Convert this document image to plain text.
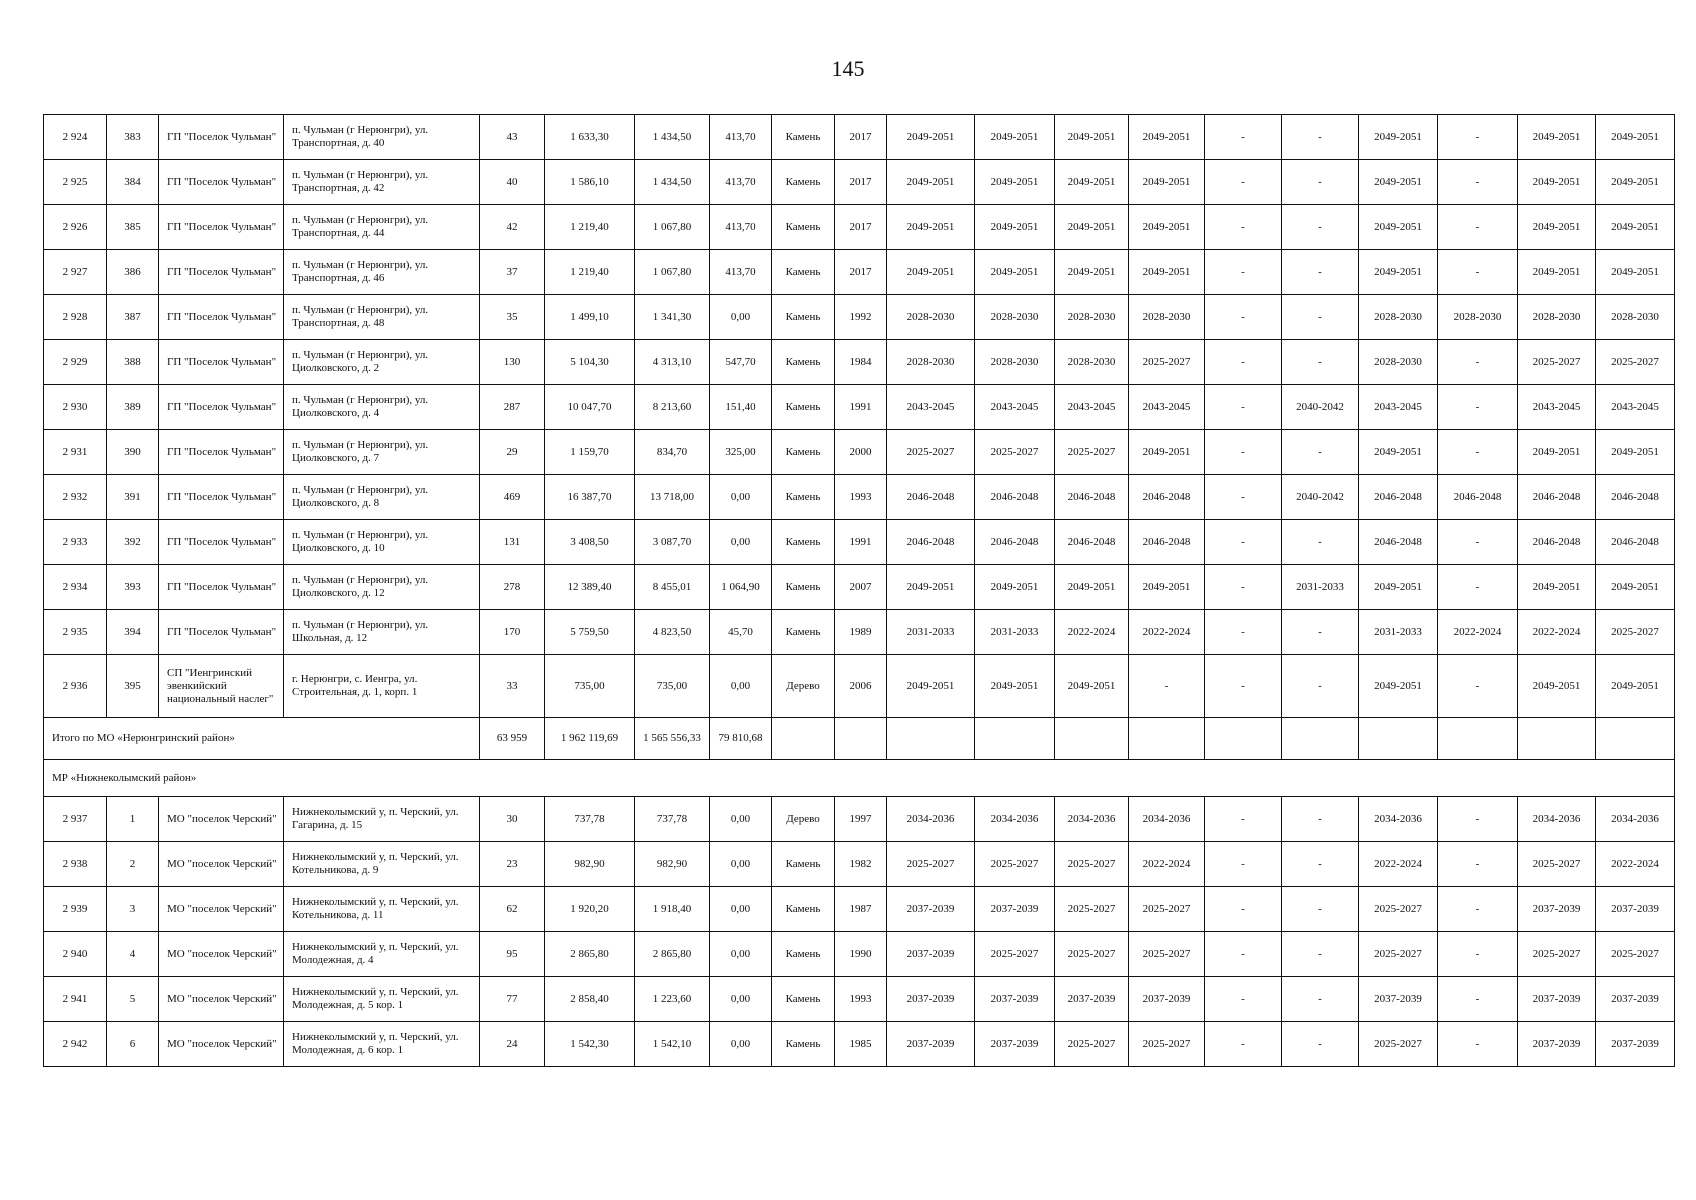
145
2 924	383	ГП "Поселок Чульман"	п. Чульман (г Нерюнгри), ул. Транспортная, д. 40	43	1 633,30	1 434,50	413,70	Камень	2017	2049-2051	2049-2051	2049-2051	2049-2051	-	-	2049-2051	-	2049-2051	2049-2051
2 925	384	ГП "Поселок Чульман"	п. Чульман (г Нерюнгри), ул. Транспортная, д. 42	40	1 586,10	1 434,50	413,70	Камень	2017	2049-2051	2049-2051	2049-2051	2049-2051	-	-	2049-2051	-	2049-2051	2049-2051
2 926	385	ГП "Поселок Чульман"	п. Чульман (г Нерюнгри), ул. Транспортная, д. 44	42	1 219,40	1 067,80	413,70	Камень	2017	2049-2051	2049-2051	2049-2051	2049-2051	-	-	2049-2051	-	2049-2051	2049-2051
2 927	386	ГП "Поселок Чульман"	п. Чульман (г Нерюнгри), ул. Транспортная, д. 46	37	1 219,40	1 067,80	413,70	Камень	2017	2049-2051	2049-2051	2049-2051	2049-2051	-	-	2049-2051	-	2049-2051	2049-2051
2 928	387	ГП "Поселок Чульман"	п. Чульман (г Нерюнгри), ул. Транспортная, д. 48	35	1 499,10	1 341,30	0,00	Камень	1992	2028-2030	2028-2030	2028-2030	2028-2030	-	-	2028-2030	2028-2030	2028-2030	2028-2030
2 929	388	ГП "Поселок Чульман"	п. Чульман (г Нерюнгри), ул. Циолковского, д. 2	130	5 104,30	4 313,10	547,70	Камень	1984	2028-2030	2028-2030	2028-2030	2025-2027	-	-	2028-2030	-	2025-2027	2025-2027
2 930	389	ГП "Поселок Чульман"	п. Чульман (г Нерюнгри), ул. Циолковского, д. 4	287	10 047,70	8 213,60	151,40	Камень	1991	2043-2045	2043-2045	2043-2045	2043-2045	-	2040-2042	2043-2045	-	2043-2045	2043-2045
2 931	390	ГП "Поселок Чульман"	п. Чульман (г Нерюнгри), ул. Циолковского, д. 7	29	1 159,70	834,70	325,00	Камень	2000	2025-2027	2025-2027	2025-2027	2049-2051	-	-	2049-2051	-	2049-2051	2049-2051
2 932	391	ГП "Поселок Чульман"	п. Чульман (г Нерюнгри), ул. Циолковского, д. 8	469	16 387,70	13 718,00	0,00	Камень	1993	2046-2048	2046-2048	2046-2048	2046-2048	-	2040-2042	2046-2048	2046-2048	2046-2048	2046-2048
2 933	392	ГП "Поселок Чульман"	п. Чульман (г Нерюнгри), ул. Циолковского, д. 10	131	3 408,50	3 087,70	0,00	Камень	1991	2046-2048	2046-2048	2046-2048	2046-2048	-	-	2046-2048	-	2046-2048	2046-2048
2 934	393	ГП "Поселок Чульман"	п. Чульман (г Нерюнгри), ул. Циолковского, д. 12	278	12 389,40	8 455,01	1 064,90	Камень	2007	2049-2051	2049-2051	2049-2051	2049-2051	-	2031-2033	2049-2051	-	2049-2051	2049-2051
2 935	394	ГП "Поселок Чульман"	п. Чульман (г Нерюнгри), ул. Школьная, д. 12	170	5 759,50	4 823,50	45,70	Камень	1989	2031-2033	2031-2033	2022-2024	2022-2024	-	-	2031-2033	2022-2024	2022-2024	2025-2027
2 936	395	СП "Иенгринский эвенкийский национальный наслег"	г. Нерюнгри, с. Иенгра, ул. Строительная, д. 1, корп. 1	33	735,00	735,00	0,00	Дерево	2006	2049-2051	2049-2051	2049-2051	-	-	-	2049-2051	-	2049-2051	2049-2051
Итого по МО «Нерюнгринский район»				63 959	1 962 119,69	1 565 556,33	79 810,68												
МР «Нижнеколымский район»																			
2 937	1	МО "поселок Черский"	Нижнеколымский у, п. Черский, ул. Гагарина, д. 15	30	737,78	737,78	0,00	Дерево	1997	2034-2036	2034-2036	2034-2036	2034-2036	-	-	2034-2036	-	2034-2036	2034-2036
2 938	2	МО "поселок Черский"	Нижнеколымский у, п. Черский, ул. Котельникова, д. 9	23	982,90	982,90	0,00	Камень	1982	2025-2027	2025-2027	2025-2027	2022-2024	-	-	2022-2024	-	2025-2027	2022-2024
2 939	3	МО "поселок Черский"	Нижнеколымский у, п. Черский, ул. Котельникова, д. 11	62	1 920,20	1 918,40	0,00	Камень	1987	2037-2039	2037-2039	2025-2027	2025-2027	-	-	2025-2027	-	2037-2039	2037-2039
2 940	4	МО "поселок Черский"	Нижнеколымский у, п. Черский, ул. Молодежная, д. 4	95	2 865,80	2 865,80	0,00	Камень	1990	2037-2039	2025-2027	2025-2027	2025-2027	-	-	2025-2027	-	2025-2027	2025-2027
2 941	5	МО "поселок Черский"	Нижнеколымский у, п. Черский, ул. Молодежная, д. 5 кор. 1	77	2 858,40	1 223,60	0,00	Камень	1993	2037-2039	2037-2039	2037-2039	2037-2039	-	-	2037-2039	-	2037-2039	2037-2039
2 942	6	МО "поселок Черский"	Нижнеколымский у, п. Черский, ул. Молодежная, д. 6 кор. 1	24	1 542,30	1 542,10	0,00	Камень	1985	2037-2039	2037-2039	2025-2027	2025-2027	-	-	2025-2027	-	2037-2039	2037-2039
